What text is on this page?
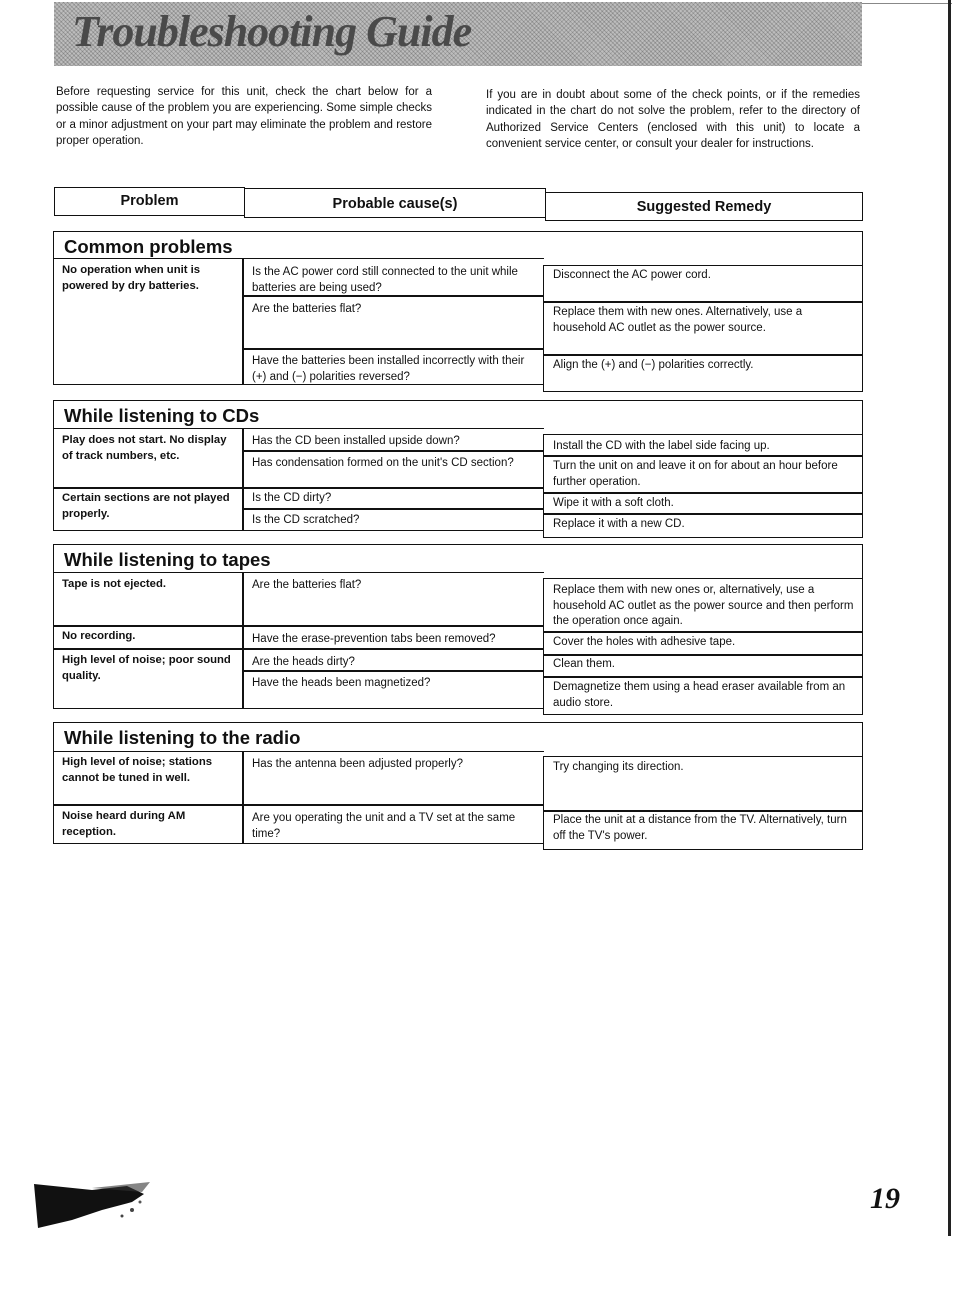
Troubleshooting Guide
Before requesting service for this unit, check the chart below for a possible cause of the problem you are experiencing. Some simple checks or a minor adjustment on your part may eliminate the problem and restore proper operation.
If you are in doubt about some of the check points, or if the remedies indicated in the chart do not solve the problem, refer to the directory of Authorized Service Centers (enclosed with this unit) to locate a convenient service center, or consult your dealer for instructions.
Problem	Probable cause(s)	Suggested Remedy
Common problems
No operation when unit is powered by dry batteries.
Is the AC power cord still connected to the unit while batteries are being used?
Are the batteries flat?
Have the batteries been installed incorrectly with their (+) and (−) polarities reversed?
Disconnect the AC power cord.
Replace them with new ones. Alternatively, use a household AC outlet as the power source.
Align the (+) and (−) polarities correctly.
While listening to CDs
Play does not start. No display of track numbers, etc.
Certain sections are not played properly.
Has the CD been installed upside down?
Has condensation formed on the unit's CD section?
Is the CD dirty?
Is the CD scratched?
Install the CD with the label side facing up.
Turn the unit on and leave it on for about an hour before further operation.
Wipe it with a soft cloth.
Replace it with a new CD.
While listening to tapes
Tape is not ejected.
No recording.
High level of noise; poor sound quality.
Are the batteries flat?
Have the erase-prevention tabs been removed?
Are the heads dirty?
Have the heads been magnetized?
Replace them with new ones or, alternatively, use a household AC outlet as the power source and then perform the operation once again.
Cover the holes with adhesive tape.
Clean them.
Demagnetize them using a head eraser available from an audio store.
While listening to the radio
High level of noise; stations cannot be tuned in well.
Noise heard during AM reception.
Has the antenna been adjusted properly?
Are you operating the unit and a TV set at the same time?
Try changing its direction.
Place the unit at a distance from the TV. Alternatively, turn off the TV's power.
19
